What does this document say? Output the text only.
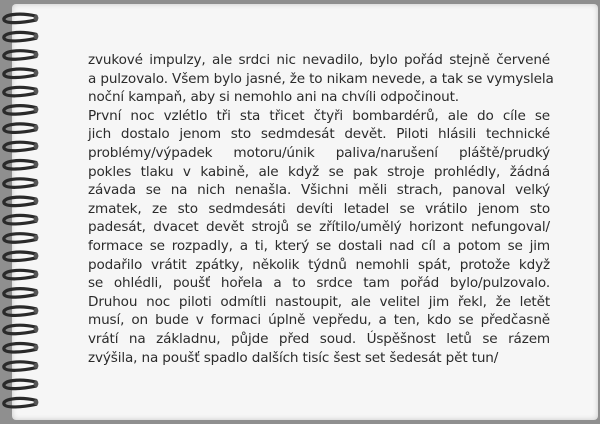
zvukové impulzy, ale srdci nic nevadilo, bylo pořád stejně červené
a pulzovalo. Všem bylo jasné, že to nikam nevede, a tak se vymyslela
noční kampaň, aby si nemohlo ani na chvíli odpočinout.
První noc vzlétlo tři sta třicet čtyři bombardérů, ale do cíle se
jich dostalo jenom sto sedmdesát devět. Piloti hlásili technické
problémy/výpadek motoru/únik paliva/narušení pláště/prudký
pokles tlaku v kabině, ale když se pak stroje prohlédly, žádná
závada se na nich nenašla. Všichni měli strach, panoval velký
zmatek, ze sto sedmdesáti devíti letadel se vrátilo jenom sto
padesát, dvacet devět strojů se zřítilo/umělý horizont nefungoval/
formace se rozpadly, a ti, který se dostali nad cíl a potom se jim
podařilo vrátit zpátky, několik týdnů nemohli spát, protože když
se ohlédli, poušť hořela a to srdce tam pořád bylo/pulzovalo.
Druhou noc piloti odmítli nastoupit, ale velitel jim řekl, že letět
musí, on bude v formaci úplně vepředu, a ten, kdo se předčasně
vrátí na základnu, půjde před soud. Úspěšnost letů se rázem
zvýšila, na poušť spadlo dalších tisíc šest set šedesát pět tun/
